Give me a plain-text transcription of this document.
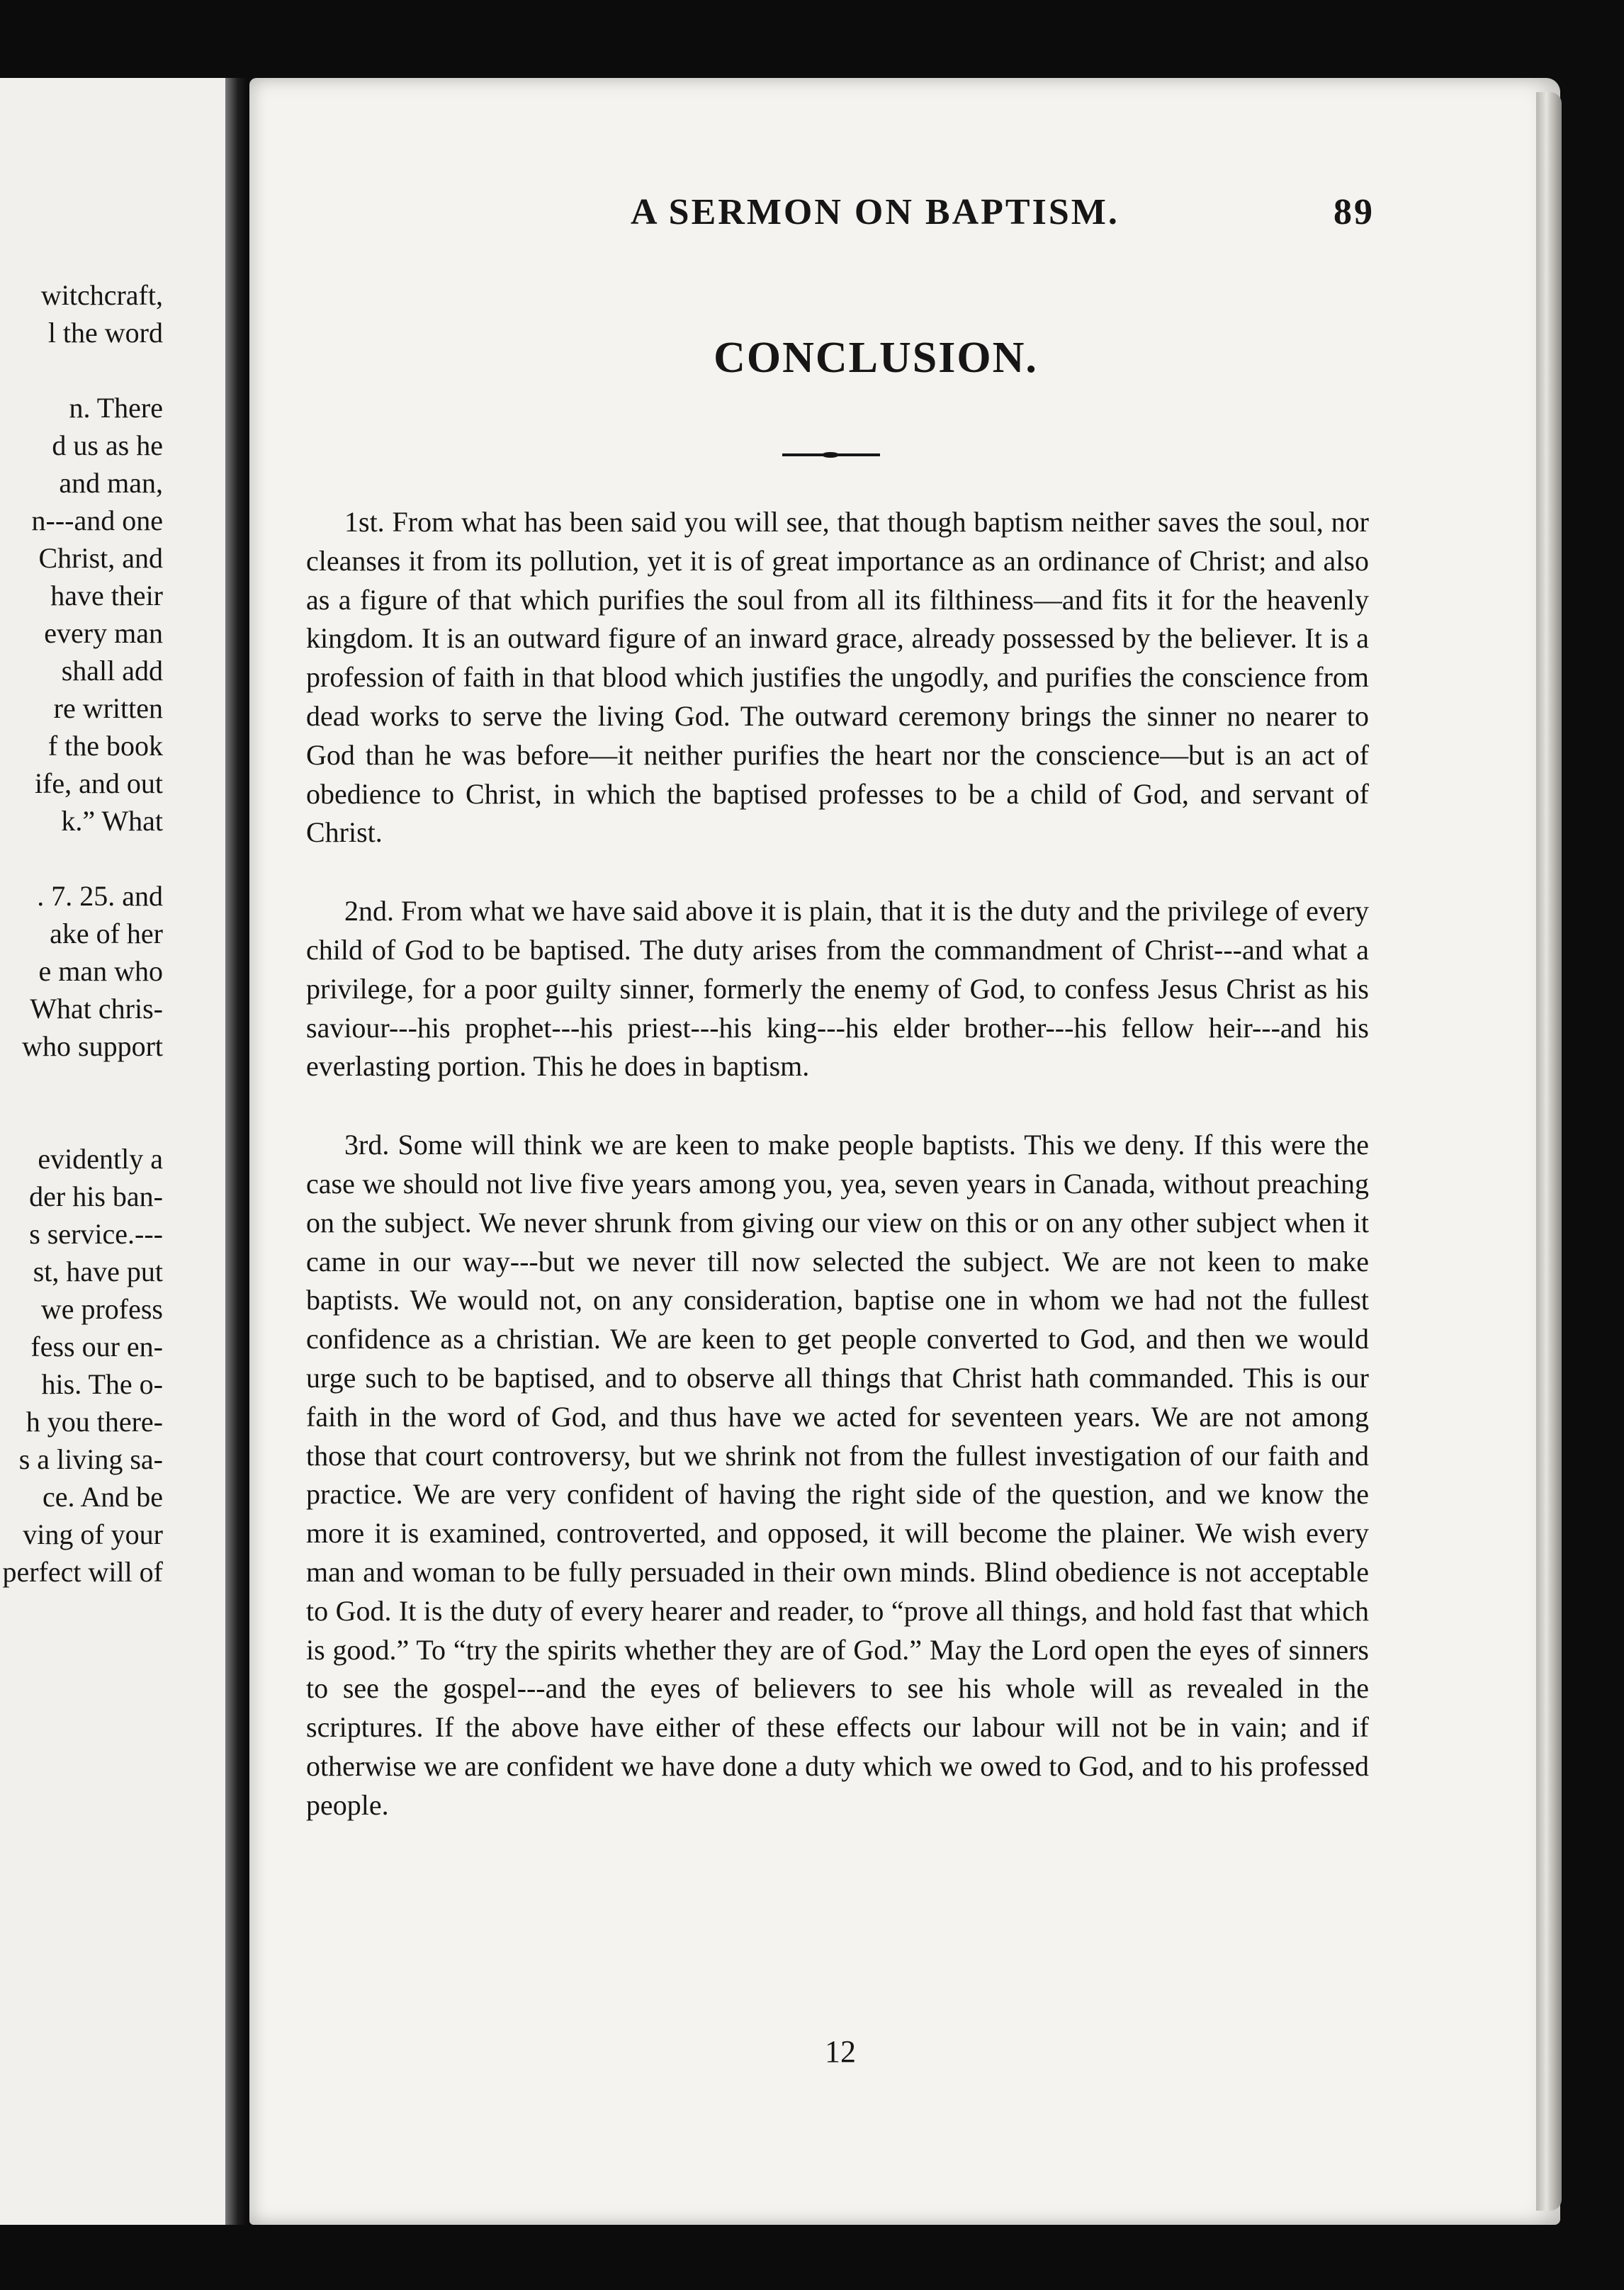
witchcraft,
l the word

n. There
d us as he
and man,
n---and one
Christ, and
have their
every man
shall add
re written
f the book
ife, and out
k.” What

. 7. 25. and
ake of her
e man who
What chris-
who support

evidently a
der his ban-
s service.---
st, have put
we profess
fess our en-
his. The o-
h you there-
s a living sa-
ce. And be
ving of your
perfect will of
A SERMON ON BAPTISM.	89
CONCLUSION.

1st. From what has been said you will see, that though baptism neither saves the soul, nor cleanses it from its pollution, yet it is of great importance as an ordinance of Christ; and also as a figure of that which purifies the soul from all its filthiness—and fits it for the heavenly kingdom. It is an outward figure of an inward grace, already possessed by the believer. It is a profession of faith in that blood which justifies the ungodly, and purifies the conscience from dead works to serve the living God. The outward ceremony brings the sinner no nearer to God than he was before—it neither purifies the heart nor the conscience—but is an act of obedience to Christ, in which the baptised professes to be a child of God, and servant of Christ.

2nd. From what we have said above it is plain, that it is the duty and the privilege of every child of God to be baptised. The duty arises from the commandment of Christ---and what a privilege, for a poor guilty sinner, formerly the enemy of God, to confess Jesus Christ as his saviour---his prophet---his priest---his king---his elder brother---his fellow heir---and his everlasting portion. This he does in baptism.

3rd. Some will think we are keen to make people baptists. This we deny. If this were the case we should not live five years among you, yea, seven years in Canada, without preaching on the subject. We never shrunk from giving our view on this or on any other subject when it came in our way---but we never till now selected the subject. We are not keen to make baptists. We would not, on any consideration, baptise one in whom we had not the fullest confidence as a christian. We are keen to get people converted to God, and then we would urge such to be baptised, and to observe all things that Christ hath commanded. This is our faith in the word of God, and thus have we acted for seventeen years. We are not among those that court controversy, but we shrink not from the fullest investigation of our faith and practice. We are very confident of having the right side of the question, and we know the more it is examined, controverted, and opposed, it will become the plainer. We wish every man and woman to be fully persuaded in their own minds. Blind obedience is not acceptable to God. It is the duty of every hearer and reader, to “prove all things, and hold fast that which is good.” To “try the spirits whether they are of God.” May the Lord open the eyes of sinners to see the gospel---and the eyes of believers to see his whole will as revealed in the scriptures. If the above have either of these effects our labour will not be in vain; and if otherwise we are confident we have done a duty which we owed to God, and to his professed people.

12
